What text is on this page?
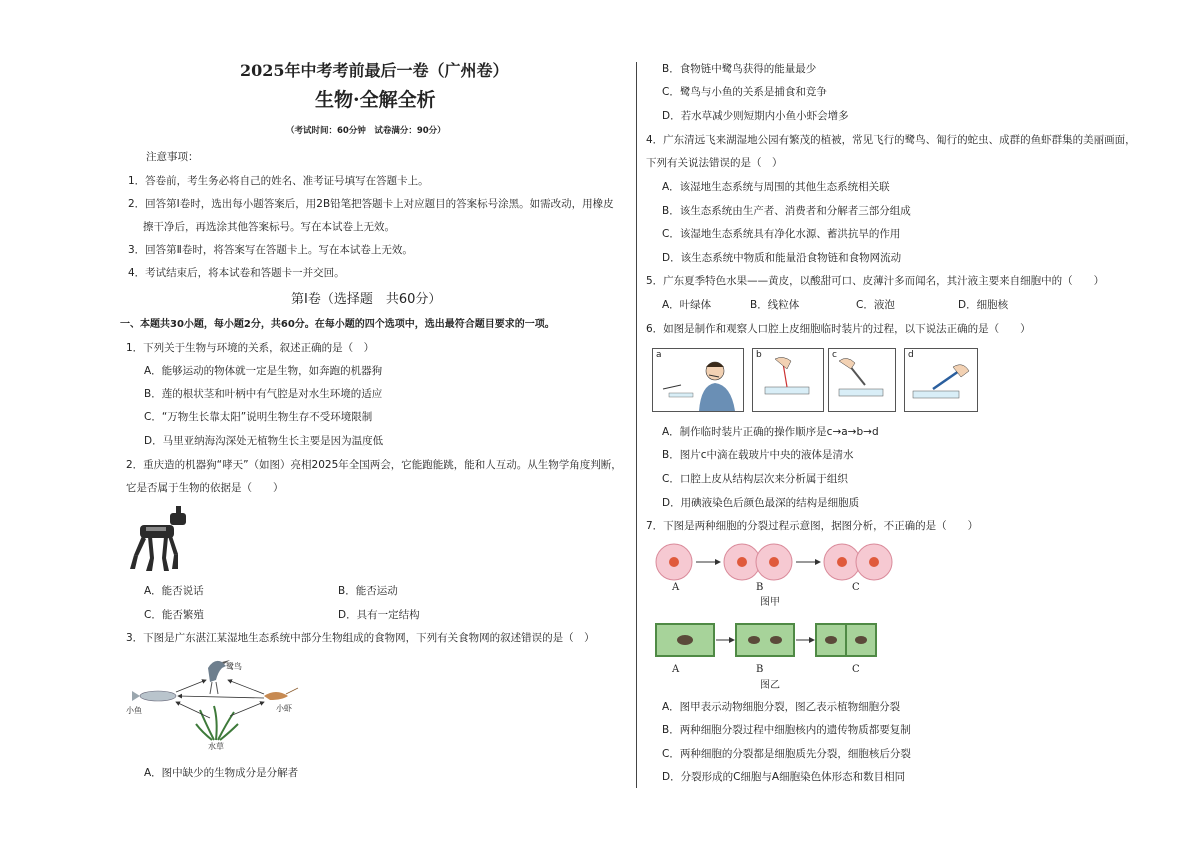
2025年中考考前最后一卷（广州卷）
生物·全解全析
（考试时间：60分钟　试卷满分：90分）
注意事项：
1．答卷前，考生务必将自己的姓名、准考证号填写在答题卡上。
2．回答第Ⅰ卷时，选出每小题答案后，用2B铅笔把答题卡上对应题目的答案标号涂黑。如需改动，用橡皮
擦干净后，再选涂其他答案标号。写在本试卷上无效。
3．回答第Ⅱ卷时，将答案写在答题卡上。写在本试卷上无效。
4．考试结束后，将本试卷和答题卡一并交回。
第Ⅰ卷（选择题　共60分）
一、本题共30小题，每小题2分，共60分。在每小题的四个选项中，选出最符合题目要求的一项。
1．下列关于生物与环境的关系，叙述正确的是（　）
A．能够运动的物体就一定是生物，如奔跑的机器狗
B．莲的根状茎和叶柄中有气腔是对水生环境的适应
C．“万物生长靠太阳”说明生物生存不受环境限制
D．马里亚纳海沟深处无植物生长主要是因为温度低
2．重庆造的机器狗“哮天”（如图）亮相2025年全国两会，它能跑能跳，能和人互动。从生物学角度判断，
它是否属于生物的依据是（　　）
A．能否说话	B．能否运动
C．能否繁殖	D．具有一定结构
3．下图是广东湛江某湿地生态系统中部分生物组成的食物网，下列有关食物网的叙述错误的是（　）
鹭鸟
小鱼	小虾
水草
A．图中缺少的生物成分是分解者
B．食物链中鹭鸟获得的能量最少
C．鹭鸟与小鱼的关系是捕食和竞争
D．若水草减少则短期内小鱼小虾会增多
4．广东清远飞来湖湿地公园有繁茂的植被，常见飞行的鹭鸟、匍行的蛇虫、成群的鱼虾群集的美丽画面，
下列有关说法错误的是（　）
A．该湿地生态系统与周围的其他生态系统相关联
B．该生态系统由生产者、消费者和分解者三部分组成
C．该湿地生态系统具有净化水源、蓄洪抗旱的作用
D．该生态系统中物质和能量沿食物链和食物网流动
5．广东夏季特色水果——黄皮，以酸甜可口、皮薄汁多而闻名，其汁液主要来自细胞中的（　　）
A．叶绿体	B．线粒体	C．液泡	D．细胞核
6．如图是制作和观察人口腔上皮细胞临时装片的过程，以下说法正确的是（　　）
a	b	c	d
A．制作临时装片正确的操作顺序是c→a→b→d
B．图片c中滴在载玻片中央的液体是清水
C．口腔上皮从结构层次来分析属于组织
D．用碘液染色后颜色最深的结构是细胞质
7．下图是两种细胞的分裂过程示意图，据图分析，不正确的是（　　）
A	B	C
图甲
A	B	C
图乙
A．图甲表示动物细胞分裂，图乙表示植物细胞分裂
B．两种细胞分裂过程中细胞核内的遗传物质都要复制
C．两种细胞的分裂都是细胞质先分裂，细胞核后分裂
D．分裂形成的C细胞与A细胞染色体形态和数目相同
